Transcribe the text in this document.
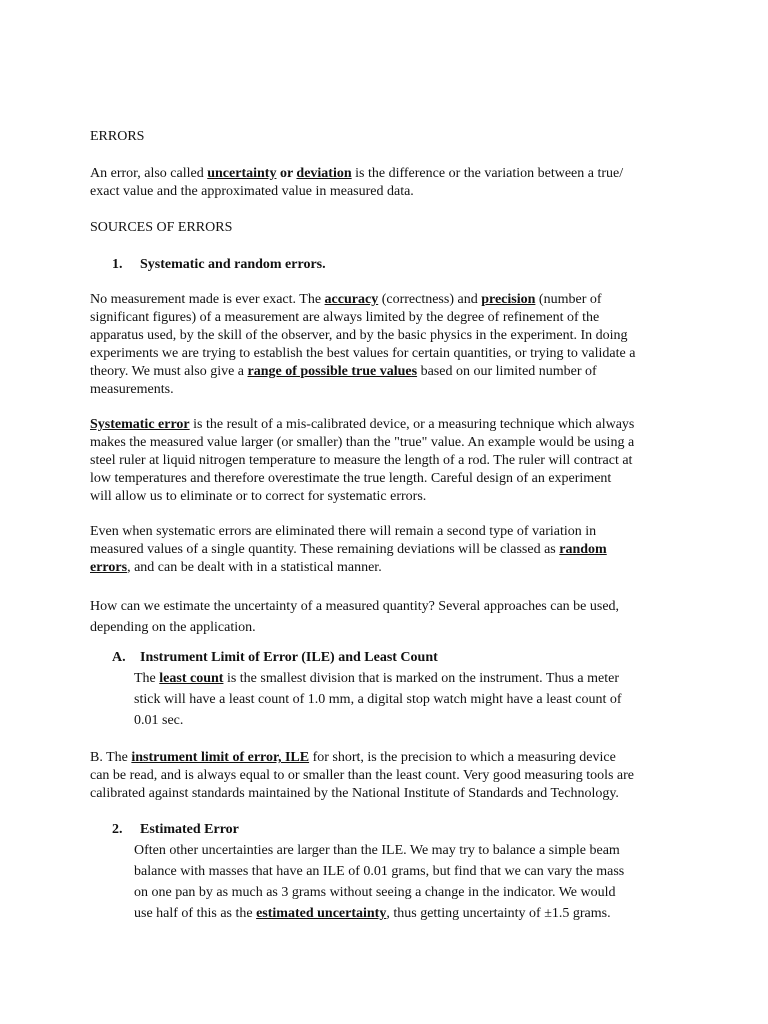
ERRORS
An error, also called uncertainty or deviation is the difference or the variation between a true/
exact value and the approximated value in measured data.
SOURCES OF ERRORS
1. Systematic and random errors.
No measurement made is ever exact. The accuracy (correctness) and precision (number of
significant figures) of a measurement are always limited by the degree of refinement of the
apparatus used, by the skill of the observer, and by the basic physics in the experiment. In doing
experiments we are trying to establish the best values for certain quantities, or trying to validate a
theory. We must also give a range of possible true values based on our limited number of
measurements.
Systematic error is the result of a mis-calibrated device, or a measuring technique which always
makes the measured value larger (or smaller) than the "true" value. An example would be using a
steel ruler at liquid nitrogen temperature to measure the length of a rod. The ruler will contract at
low temperatures and therefore overestimate the true length. Careful design of an experiment
will allow us to eliminate or to correct for systematic errors.
Even when systematic errors are eliminated there will remain a second type of variation in
measured values of a single quantity. These remaining deviations will be classed as random
errors, and can be dealt with in a statistical manner.
How can we estimate the uncertainty of a measured quantity? Several approaches can be used,
depending on the application.
A. Instrument Limit of Error (ILE) and Least Count
The least count is the smallest division that is marked on the instrument. Thus a meter
stick will have a least count of 1.0 mm, a digital stop watch might have a least count of
0.01 sec.
B. The instrument limit of error, ILE for short, is the precision to which a measuring device
can be read, and is always equal to or smaller than the least count. Very good measuring tools are
calibrated against standards maintained by the National Institute of Standards and Technology.
2. Estimated Error
Often other uncertainties are larger than the ILE. We may try to balance a simple beam
balance with masses that have an ILE of 0.01 grams, but find that we can vary the mass
on one pan by as much as 3 grams without seeing a change in the indicator. We would
use half of this as the estimated uncertainty, thus getting uncertainty of ±1.5 grams.
